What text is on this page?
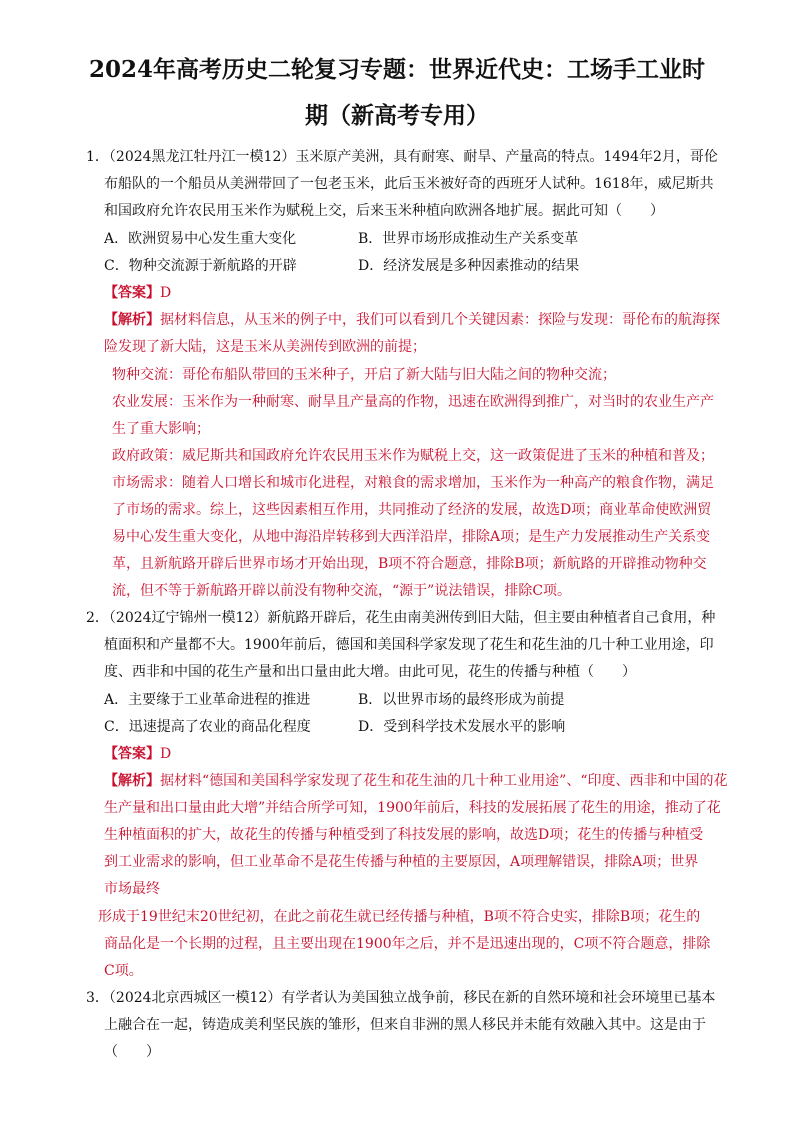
2024年高考历史二轮复习专题：世界近代史：工场手工业时
期（新高考专用）
1．（2024黑龙江牡丹江一模12）玉米原产美洲，具有耐寒、耐旱、产量高的特点。1494年2月，哥伦
布船队的一个船员从美洲带回了一包老玉米，此后玉米被好奇的西班牙人试种。1618年，威尼斯共
和国政府允许农民用玉米作为赋税上交，后来玉米种植向欧洲各地扩展。据此可知（　　）
A．欧洲贸易中心发生重大变化	B．世界市场形成推动生产关系变革
C．物种交流源于新航路的开辟	D．经济发展是多种因素推动的结果
【答案】D
【解析】据材料信息，从玉米的例子中，我们可以看到几个关键因素：探险与发现：哥伦布的航海探
险发现了新大陆，这是玉米从美洲传到欧洲的前提；
物种交流：哥伦布船队带回的玉米种子，开启了新大陆与旧大陆之间的物种交流；
农业发展：玉米作为一种耐寒、耐旱且产量高的作物，迅速在欧洲得到推广，对当时的农业生产产
生了重大影响；
政府政策：威尼斯共和国政府允许农民用玉米作为赋税上交，这一政策促进了玉米的种植和普及；
市场需求：随着人口增长和城市化进程，对粮食的需求增加，玉米作为一种高产的粮食作物，满足
了市场的需求。综上，这些因素相互作用，共同推动了经济的发展，故选D项；商业革命使欧洲贸
易中心发生重大变化，从地中海沿岸转移到大西洋沿岸，排除A项；是生产力发展推动生产关系变
革，且新航路开辟后世界市场才开始出现，B项不符合题意，排除B项；新航路的开辟推动物种交
流，但不等于新航路开辟以前没有物种交流，“源于”说法错误，排除C项。
2．（2024辽宁锦州一模12）新航路开辟后，花生由南美洲传到旧大陆，但主要由种植者自己食用，种
植面积和产量都不大。1900年前后，德国和美国科学家发现了花生和花生油的几十种工业用途，印
度、西非和中国的花生产量和出口量由此大增。由此可见，花生的传播与种植（　　）
A．主要缘于工业革命进程的推进	B．以世界市场的最终形成为前提
C．迅速提高了农业的商品化程度	D．受到科学技术发展水平的影响
【答案】D
【解析】据材料“德国和美国科学家发现了花生和花生油的几十种工业用途”、“印度、西非和中国的花
生产量和出口量由此大增”并结合所学可知，1900年前后，科技的发展拓展了花生的用途，推动了花
生种植面积的扩大，故花生的传播与种植受到了科技发展的影响，故选D项；花生的传播与种植受
到工业需求的影响，但工业革命不是花生传播与种植的主要原因，A项理解错误，排除A项；世界
市场最终
形成于19世纪末20世纪初，在此之前花生就已经传播与种植，B项不符合史实，排除B项；花生的
商品化是一个长期的过程，且主要出现在1900年之后，并不是迅速出现的，C项不符合题意，排除
C项。
3．（2024北京西城区一模12）有学者认为美国独立战争前，移民在新的自然环境和社会环境里已基本
上融合在一起，铸造成美利坚民族的雏形，但来自非洲的黑人移民并未能有效融入其中。这是由于
（　　）
